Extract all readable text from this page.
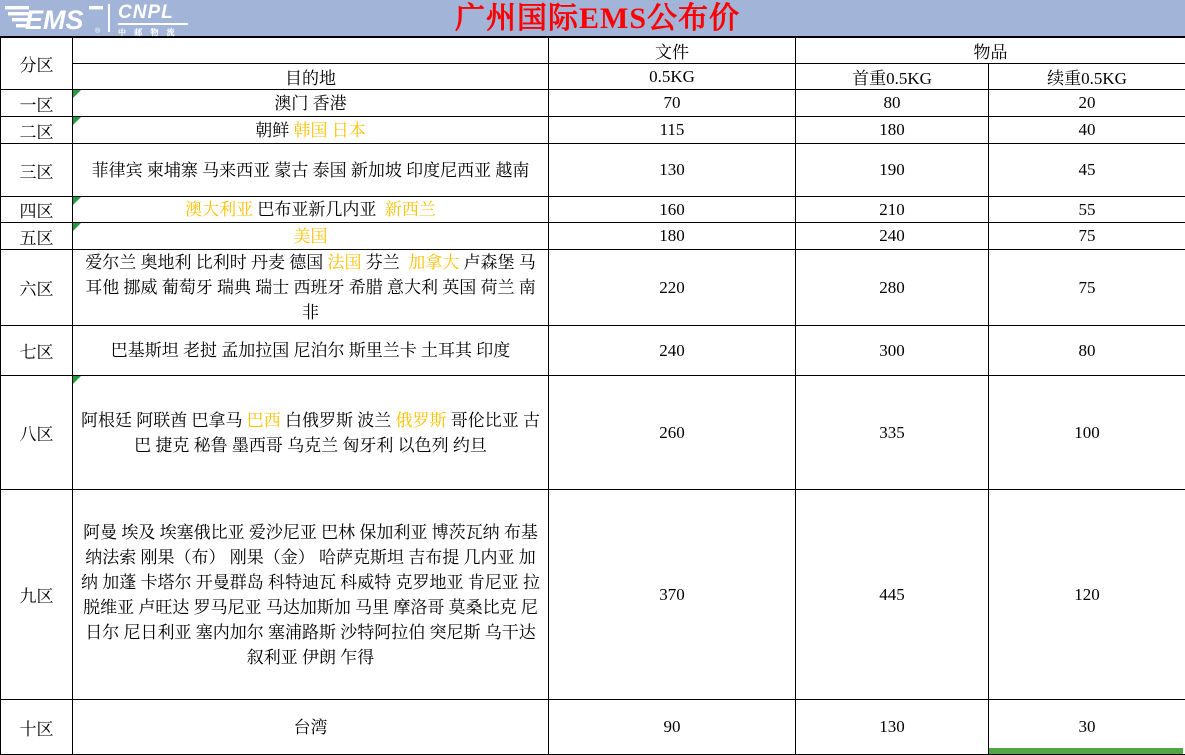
EMS ®
CNPL
中 邮 物 流	广州国际EMS公布价
分区		文件	物品	
	目的地	0.5KG	首重0.5KG	续重0.5KG
一区	澳门 香港	70	80	20
二区	朝鲜 韩国 日本	115	180	40
三区	菲律宾 柬埔寨 马来西亚 蒙古 泰国 新加坡 印度尼西亚 越南	130	190	45
四区	澳大利亚 巴布亚新几内亚  新西兰	160	210	55
五区	美国	180	240	75
六区	爱尔兰 奥地利 比利时 丹麦 德国 法国 芬兰  加拿大 卢森堡 马耳他 挪威 葡萄牙 瑞典 瑞士 西班牙 希腊 意大利 英国 荷兰 南非	220	280	75
七区	巴基斯坦 老挝 孟加拉国 尼泊尔 斯里兰卡 土耳其 印度	240	300	80
八区	阿根廷 阿联酋 巴拿马 巴西 白俄罗斯 波兰 俄罗斯 哥伦比亚 古巴 捷克 秘鲁 墨西哥 乌克兰 匈牙利 以色列 约旦	260	335	100
九区	阿曼 埃及 埃塞俄比亚 爱沙尼亚 巴林 保加利亚 博茨瓦纳 布基纳法索 刚果（布） 刚果（金） 哈萨克斯坦 吉布提 几内亚 加纳 加蓬 卡塔尔 开曼群岛 科特迪瓦 科威特 克罗地亚 肯尼亚 拉脱维亚 卢旺达 罗马尼亚 马达加斯加 马里 摩洛哥 莫桑比克 尼日尔 尼日利亚 塞内加尔 塞浦路斯 沙特阿拉伯 突尼斯 乌干达 叙利亚 伊朗 乍得	370	445	120
十区	台湾	90	130	30
